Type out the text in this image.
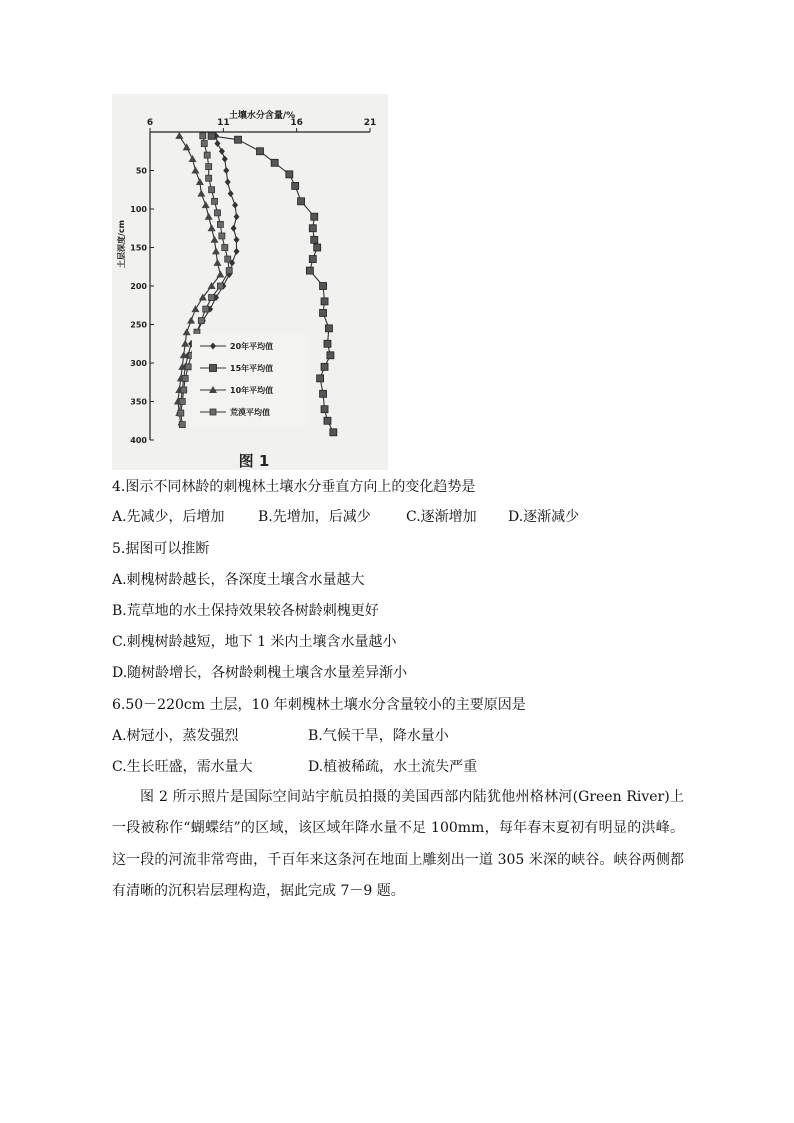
土壤水分含量/%
土层深度/cm
6	11	16	21
50
100
150
200
250
300
350
400
20年平均值
15年平均值
10年平均值
荒漠平均值
图 1
4.图示不同林龄的刺槐林土壤水分垂直方向上的变化趋势是
A.先减少，后增加 B.先增加，后减少	C.逐渐增加 D.逐渐减少
5.据图可以推断
A.刺槐树龄越长，各深度土壤含水量越大
B.荒草地的水土保持效果较各树龄刺槐更好
C.刺槐树龄越短，地下 1 米内土壤含水量越小
D.随树龄增长，各树龄刺槐土壤含水量差异渐小
6.50－220cm 土层，10 年刺槐林土壤水分含量较小的主要原因是
A.树冠小，蒸发强烈	B.气候干旱，降水量小
C.生长旺盛，需水量大	D.植被稀疏，水土流失严重
图 2 所示照片是国际空间站宇航员拍摄的美国西部内陆犹他州格林河(Green River)上一段被称作“蝴蝶结”的区域，该区域年降水量不足 100mm，每年春末夏初有明显的洪峰。这一段的河流非常弯曲，千百年来这条河在地面上雕刻出一道 305 米深的峡谷。峡谷两侧都有清晰的沉积岩层理构造，据此完成 7－9 题。
